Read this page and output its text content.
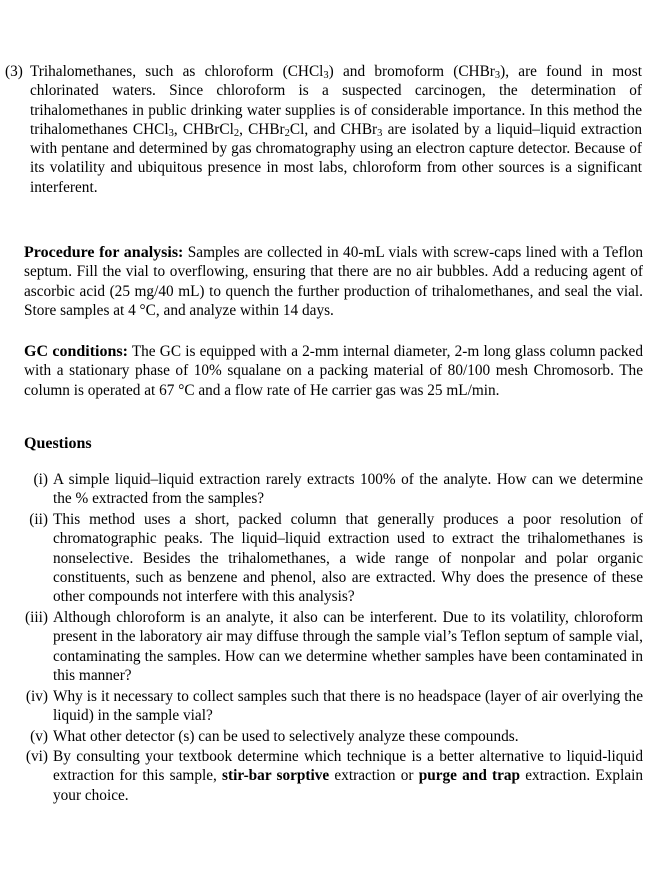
(3) Trihalomethanes, such as chloroform (CHCl$_3$) and bromoform (CHBr$_3$), are found in most chlorinated waters. Since chloroform is a suspected carcinogen, the determination of trihalomethanes in public drinking water supplies is of considerable importance. In this method the trihalomethanes CHCl$_3$, CHBrCl$_2$, CHBr$_2$Cl, and CHBr$_3$ are isolated by a liquid–liquid extraction with pentane and determined by gas chromatography using an electron capture detector. Because of its volatility and ubiquitous presence in most labs, chloroform from other sources is a significant interferent.

Procedure for analysis: Samples are collected in 40-mL vials with screw-caps lined with a Teflon septum. Fill the vial to overflowing, ensuring that there are no air bubbles. Add a reducing agent of ascorbic acid (25 mg/40 mL) to quench the further production of trihalomethanes, and seal the vial. Store samples at 4 °C, and analyze within 14 days.

GC conditions: The GC is equipped with a 2-mm internal diameter, 2-m long glass column packed with a stationary phase of 10% squalane on a packing material of 80/100 mesh Chromosorb. The column is operated at 67 °C and a flow rate of He carrier gas was 25 mL/min.

Questions

(i) A simple liquid–liquid extraction rarely extracts 100% of the analyte. How can we determine the % extracted from the samples?

(ii) This method uses a short, packed column that generally produces a poor resolution of chromatographic peaks. The liquid–liquid extraction used to extract the trihalomethanes is nonselective. Besides the trihalomethanes, a wide range of nonpolar and polar organic constituents, such as benzene and phenol, also are extracted. Why does the presence of these other compounds not interfere with this analysis?

(iii) Although chloroform is an analyte, it also can be interferent. Due to its volatility, chloroform present in the laboratory air may diffuse through the sample vial’s Teflon septum of sample vial, contaminating the samples. How can we determine whether samples have been contaminated in this manner?

(iv) Why is it necessary to collect samples such that there is no headspace (layer of air overlying the liquid) in the sample vial?

(v) What other detector (s) can be used to selectively analyze these compounds.

(vi) By consulting your textbook determine which technique is a better alternative to liquid-liquid extraction for this sample, stir-bar sorptive extraction or purge and trap extraction. Explain your choice.
